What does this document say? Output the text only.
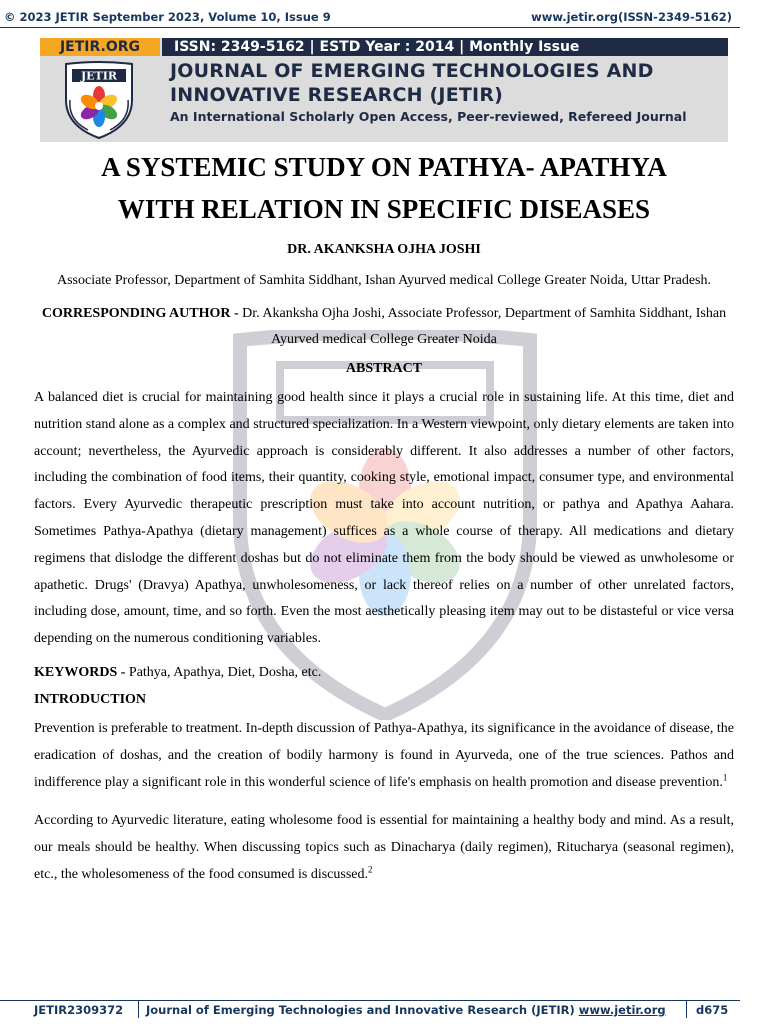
© 2023 JETIR September 2023, Volume 10, Issue 9	www.jetir.org(ISSN-2349-5162)
JETIR.ORG	ISSN: 2349-5162 | ESTD Year : 2014 | Monthly Issue
JETIR	JOURNAL OF EMERGING TECHNOLOGIES AND
INNOVATIVE RESEARCH (JETIR)
An International Scholarly Open Access, Peer-reviewed, Refereed Journal
A SYSTEMIC STUDY ON PATHYA- APATHYA
WITH RELATION IN SPECIFIC DISEASES
DR. AKANKSHA OJHA JOSHI
Associate Professor, Department of Samhita Siddhant, Ishan Ayurved medical College Greater Noida, Uttar Pradesh.
CORRESPONDING AUTHOR - Dr. Akanksha Ojha Joshi, Associate Professor, Department of Samhita Siddhant, Ishan Ayurved medical College Greater Noida
ABSTRACT
A balanced diet is crucial for maintaining good health since it plays a crucial role in sustaining life. At this time, diet and nutrition stand alone as a complex and structured specialization. In a Western viewpoint, only dietary elements are taken into account; nevertheless, the Ayurvedic approach is considerably different. It also addresses a number of other factors, including the combination of food items, their quantity, cooking style, emotional impact, consumer type, and environmental factors. Every Ayurvedic therapeutic prescription must take into account nutrition, or pathya and Apathya Aahara. Sometimes Pathya-Apathya (dietary management) suffices as a whole course of therapy. All medications and dietary regimens that dislodge the different doshas but do not eliminate them from the body should be viewed as unwholesome or apathetic. Drugs' (Dravya) Apathya, unwholesomeness, or lack thereof relies on a number of other unrelated factors, including dose, amount, time, and so forth. Even the most aesthetically pleasing item may out to be distasteful or vice versa depending on the numerous conditioning variables.
KEYWORDS - Pathya, Apathya, Diet, Dosha, etc.
INTRODUCTION
Prevention is preferable to treatment. In-depth discussion of Pathya-Apathya, its significance in the avoidance of disease, the eradication of doshas, and the creation of bodily harmony is found in Ayurveda, one of the true sciences. Pathos and indifference play a significant role in this wonderful science of life's emphasis on health promotion and disease prevention.$^1$
According to Ayurvedic literature, eating wholesome food is essential for maintaining a healthy body and mind. As a result, our meals should be healthy. When discussing topics such as Dinacharya (daily regimen), Ritucharya (seasonal regimen), etc., the wholesomeness of the food consumed is discussed.$^2$
JETIR2309372 Journal of Emerging Technologies and Innovative Research (JETIR) www.jetir.org	d675
